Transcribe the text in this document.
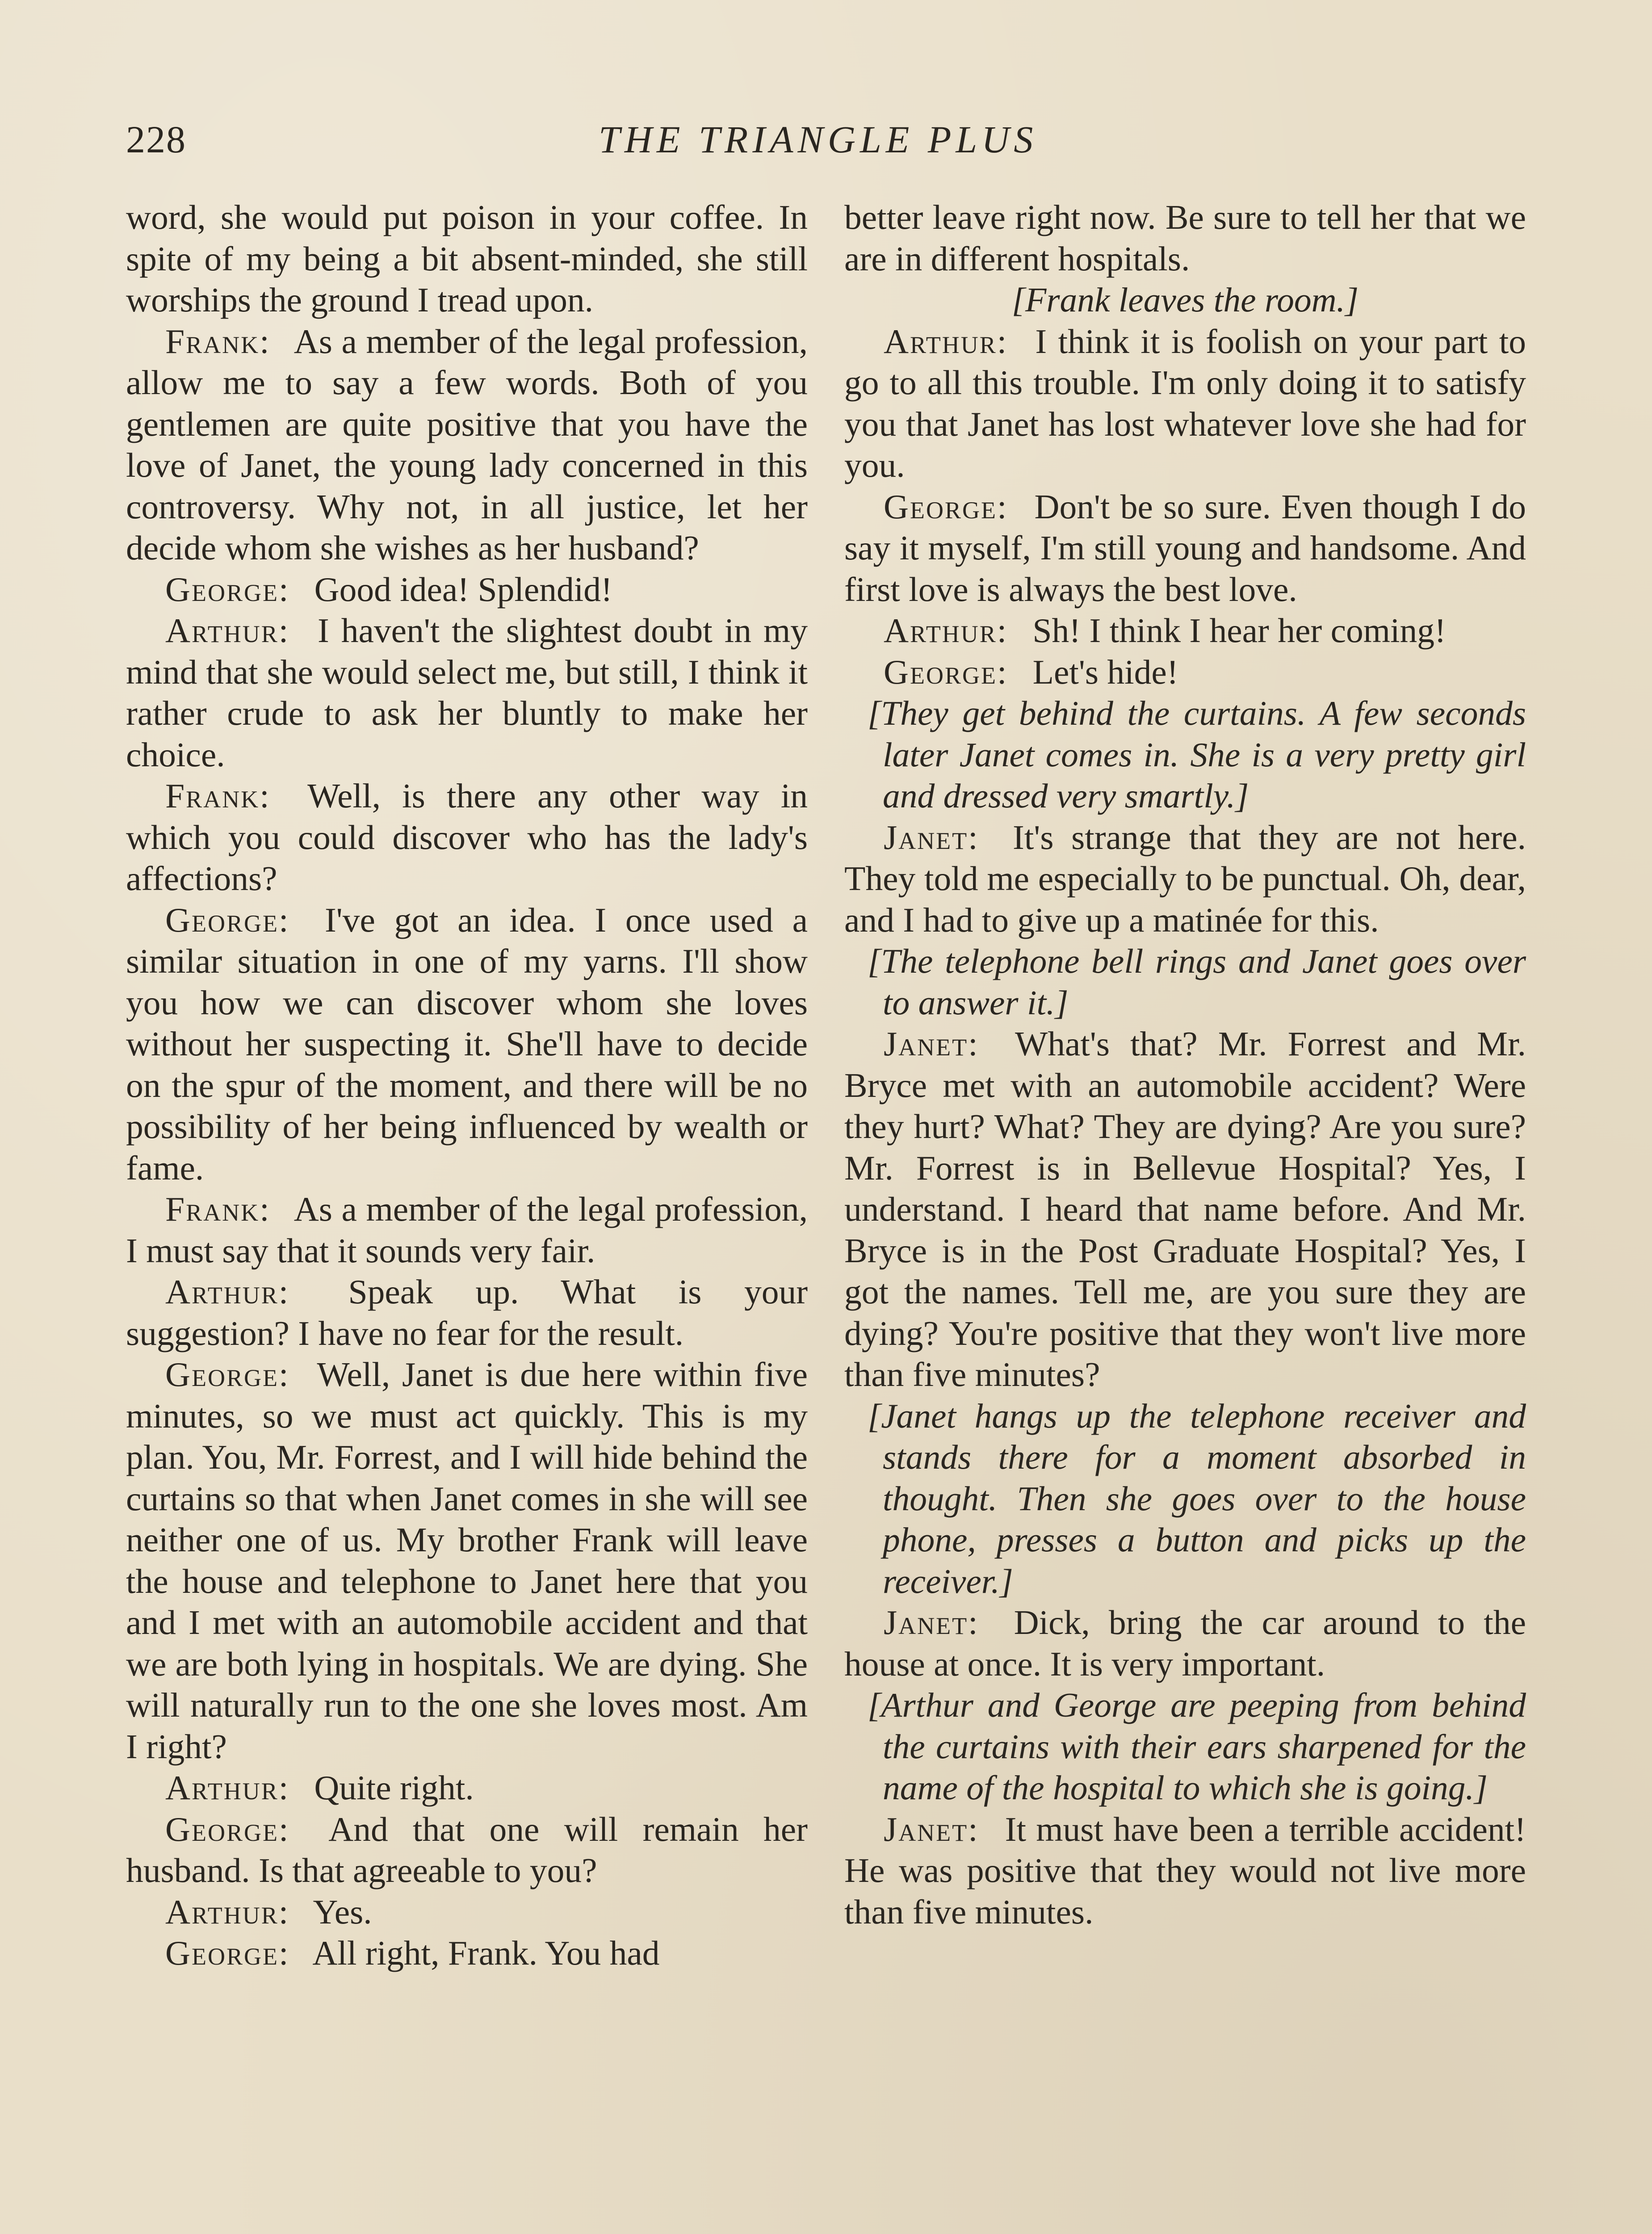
228	THE TRIANGLE PLUS

word, she would put poison in your coffee. In spite of my being a bit absent-minded, she still worships the ground I tread upon.

Frank:  As a member of the legal profession, allow me to say a few words. Both of you gentlemen are quite positive that you have the love of Janet, the young lady concerned in this controversy. Why not, in all justice, let her decide whom she wishes as her husband?

George:  Good idea! Splendid!

Arthur:  I haven't the slightest doubt in my mind that she would select me, but still, I think it rather crude to ask her bluntly to make her choice.

Frank:  Well, is there any other way in which you could discover who has the lady's affections?

George:  I've got an idea. I once used a similar situation in one of my yarns. I'll show you how we can discover whom she loves without her suspecting it. She'll have to decide on the spur of the moment, and there will be no possibility of her being influenced by wealth or fame.

Frank:  As a member of the legal profession, I must say that it sounds very fair.

Arthur:  Speak up. What is your suggestion? I have no fear for the result.

George:  Well, Janet is due here within five minutes, so we must act quickly. This is my plan. You, Mr. Forrest, and I will hide behind the curtains so that when Janet comes in she will see neither one of us. My brother Frank will leave the house and telephone to Janet here that you and I met with an automobile accident and that we are both lying in hospitals. We are dying. She will naturally run to the one she loves most. Am I right?

Arthur:  Quite right.

George:  And that one will remain her husband. Is that agreeable to you?

Arthur:  Yes.

George:  All right, Frank. You had

better leave right now. Be sure to tell her that we are in different hospitals.

[Frank leaves the room.]

Arthur:  I think it is foolish on your part to go to all this trouble. I'm only doing it to satisfy you that Janet has lost whatever love she had for you.

George:  Don't be so sure. Even though I do say it myself, I'm still young and handsome. And first love is always the best love.

Arthur:  Sh! I think I hear her coming!

George:  Let's hide!

[They get behind the curtains. A few seconds later Janet comes in. She is a very pretty girl and dressed very smartly.]

Janet:  It's strange that they are not here. They told me especially to be punctual. Oh, dear, and I had to give up a matinée for this.

[The telephone bell rings and Janet goes over to answer it.]

Janet:  What's that? Mr. Forrest and Mr. Bryce met with an automobile accident? Were they hurt? What? They are dying? Are you sure? Mr. Forrest is in Bellevue Hospital? Yes, I understand. I heard that name before. And Mr. Bryce is in the Post Graduate Hospital? Yes, I got the names. Tell me, are you sure they are dying? You're positive that they won't live more than five minutes?

[Janet hangs up the telephone receiver and stands there for a moment absorbed in thought. Then she goes over to the house phone, presses a button and picks up the receiver.]

Janet:  Dick, bring the car around to the house at once. It is very important.

[Arthur and George are peeping from behind the curtains with their ears sharpened for the name of the hospital to which she is going.]

Janet:  It must have been a terrible accident! He was positive that they would not live more than five minutes.
